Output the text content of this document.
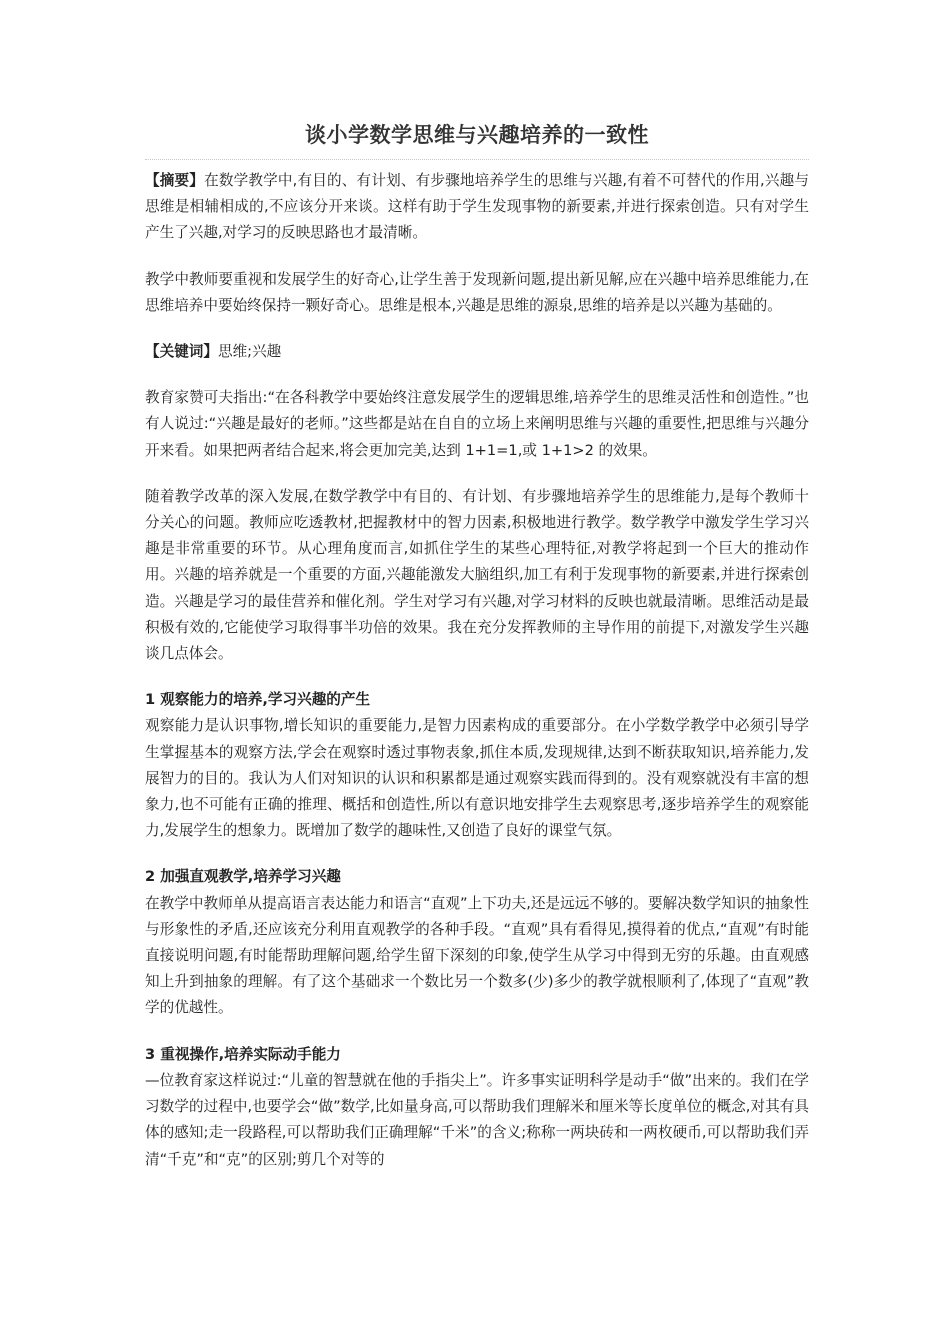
谈小学数学思维与兴趣培养的一致性

【摘要】在数学教学中,有目的、有计划、有步骤地培养学生的思维与兴趣,有着不可替代的作用,兴趣与思维是相辅相成的,不应该分开来谈。这样有助于学生发现事物的新要素,并进行探索创造。只有对学生产生了兴趣,对学习的反映思路也才最清晰。

教学中教师要重视和发展学生的好奇心,让学生善于发现新问题,提出新见解,应在兴趣中培养思维能力,在思维培养中要始终保持一颗好奇心。思维是根本,兴趣是思维的源泉,思维的培养是以兴趣为基础的。

【关键词】思维;兴趣

教育家赞可夫指出:“在各科教学中要始终注意发展学生的逻辑思维,培养学生的思维灵活性和创造性。”也有人说过:“兴趣是最好的老师。”这些都是站在自自的立场上来阐明思维与兴趣的重要性,把思维与兴趣分开来看。如果把两者结合起来,将会更加完美,达到 1+1=1,或 1+1>2 的效果。

随着教学改革的深入发展,在数学教学中有目的、有计划、有步骤地培养学生的思维能力,是每个教师十分关心的问题。教师应吃透教材,把握教材中的智力因素,积极地进行教学。数学教学中激发学生学习兴趣是非常重要的环节。从心理角度而言,如抓住学生的某些心理特征,对教学将起到一个巨大的推动作用。兴趣的培养就是一个重要的方面,兴趣能激发大脑组织,加工有利于发现事物的新要素,并进行探索创造。兴趣是学习的最佳营养和催化剂。学生对学习有兴趣,对学习材料的反映也就最清晰。思维活动是最积极有效的,它能使学习取得事半功倍的效果。我在充分发挥教师的主导作用的前提下,对激发学生兴趣谈几点体会。

1 观察能力的培养,学习兴趣的产生

观察能力是认识事物,增长知识的重要能力,是智力因素构成的重要部分。在小学数学教学中必须引导学生掌握基本的观察方法,学会在观察时透过事物表象,抓住本质,发现规律,达到不断获取知识,培养能力,发展智力的目的。我认为人们对知识的认识和积累都是通过观察实践而得到的。没有观察就没有丰富的想象力,也不可能有正确的推理、概括和创造性,所以有意识地安排学生去观察思考,逐步培养学生的观察能力,发展学生的想象力。既增加了数学的趣味性,又创造了良好的课堂气氛。

2 加强直观教学,培养学习兴趣

在教学中教师单从提高语言表达能力和语言“直观”上下功夫,还是远远不够的。要解决数学知识的抽象性与形象性的矛盾,还应该充分利用直观教学的各种手段。“直观”具有看得见,摸得着的优点,“直观”有时能直接说明问题,有时能帮助理解问题,给学生留下深刻的印象,使学生从学习中得到无穷的乐趣。由直观感知上升到抽象的理解。有了这个基础求一个数比另一个数多(少)多少的教学就根顺利了,体现了“直观”教学的优越性。

3 重视操作,培养实际动手能力

—位教育家这样说过:“儿童的智慧就在他的手指尖上”。许多事实证明科学是动手“做”出来的。我们在学习数学的过程中,也要学会“做”数学,比如量身高,可以帮助我们理解米和厘米等长度单位的概念,对其有具体的感知;走一段路程,可以帮助我们正确理解“千米”的含义;称称一两块砖和一两枚硬币,可以帮助我们弄清“千克”和“克”的区别;剪几个对等的
